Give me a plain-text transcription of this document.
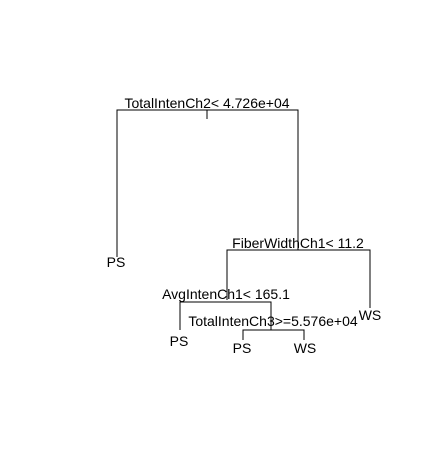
TotalIntenCh2< 4.726e+04
FiberWidthCh1< 11.2
AvgIntenCh1< 165.1
TotalIntenCh3>=5.576e+04
PS
WS
PS	PS	WS
